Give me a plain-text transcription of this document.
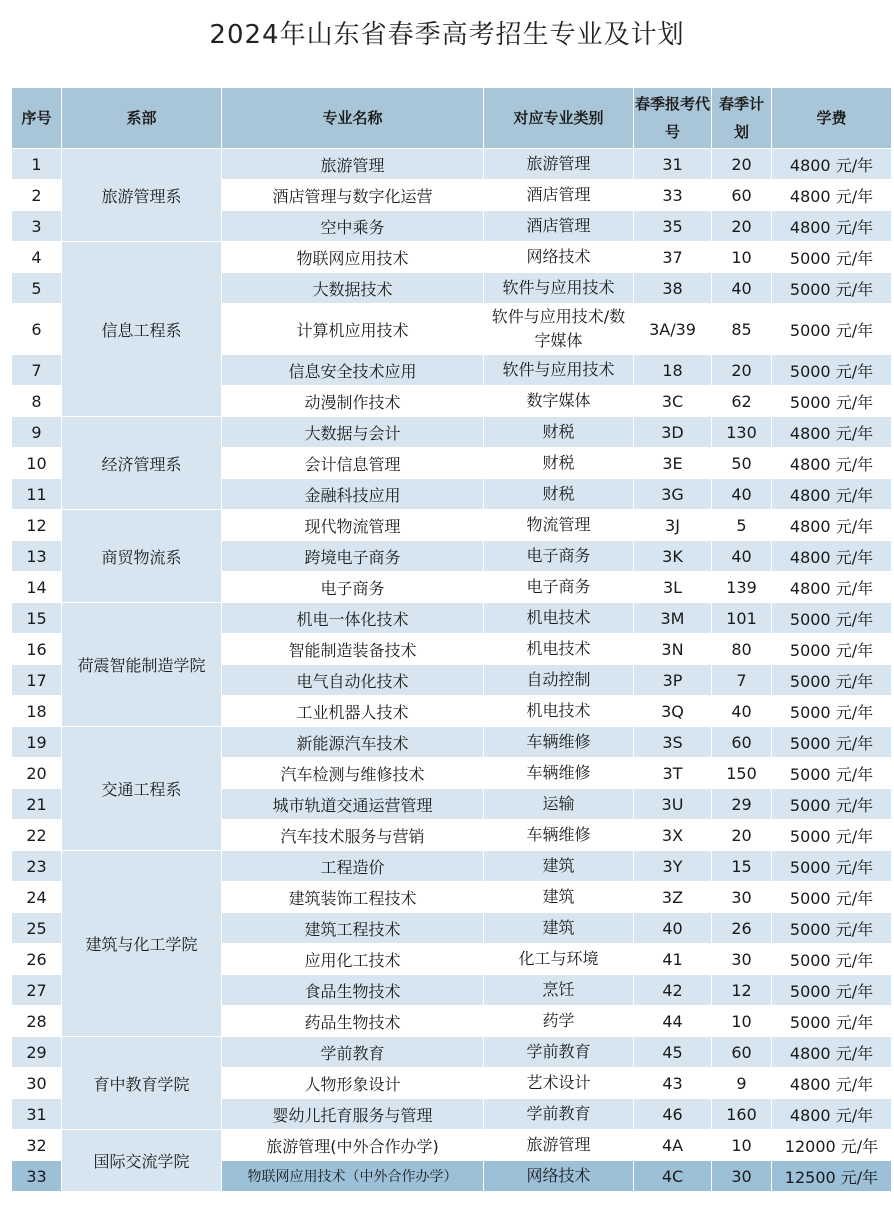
2024年山东省春季高考招生专业及计划
序号	系部	专业名称	对应专业类别	春季报考代号	春季计划	学费
1	旅游管理系	旅游管理	旅游管理	31	20	4800 元/年
2		酒店管理与数字化运营	酒店管理	33	60	4800 元/年
3		空中乘务	酒店管理	35	20	4800 元/年
4	信息工程系	物联网应用技术	网络技术	37	10	5000 元/年
5		大数据技术	软件与应用技术	38	40	5000 元/年
6		计算机应用技术	软件与应用技术/数字媒体	3A/39	85	5000 元/年
7		信息安全技术应用	软件与应用技术	18	20	5000 元/年
8		动漫制作技术	数字媒体	3C	62	5000 元/年
9	经济管理系	大数据与会计	财税	3D	130	4800 元/年
10		会计信息管理	财税	3E	50	4800 元/年
11		金融科技应用	财税	3G	40	4800 元/年
12	商贸物流系	现代物流管理	物流管理	3J	5	4800 元/年
13		跨境电子商务	电子商务	3K	40	4800 元/年
14		电子商务	电子商务	3L	139	4800 元/年
15	荷震智能制造学院	机电一体化技术	机电技术	3M	101	5000 元/年
16		智能制造装备技术	机电技术	3N	80	5000 元/年
17		电气自动化技术	自动控制	3P	7	5000 元/年
18		工业机器人技术	机电技术	3Q	40	5000 元/年
19	交通工程系	新能源汽车技术	车辆维修	3S	60	5000 元/年
20		汽车检测与维修技术	车辆维修	3T	150	5000 元/年
21		城市轨道交通运营管理	运输	3U	29	5000 元/年
22		汽车技术服务与营销	车辆维修	3X	20	5000 元/年
23	建筑与化工学院	工程造价	建筑	3Y	15	5000 元/年
24		建筑装饰工程技术	建筑	3Z	30	5000 元/年
25		建筑工程技术	建筑	40	26	5000 元/年
26		应用化工技术	化工与环境	41	30	5000 元/年
27		食品生物技术	烹饪	42	12	5000 元/年
28		药品生物技术	药学	44	10	5000 元/年
29	育中教育学院	学前教育	学前教育	45	60	4800 元/年
30		人物形象设计	艺术设计	43	9	4800 元/年
31		婴幼儿托育服务与管理	学前教育	46	160	4800 元/年
32	国际交流学院	旅游管理(中外合作办学)	旅游管理	4A	10	12000 元/年
33		物联网应用技术（中外合作办学）	网络技术	4C	30	12500 元/年
